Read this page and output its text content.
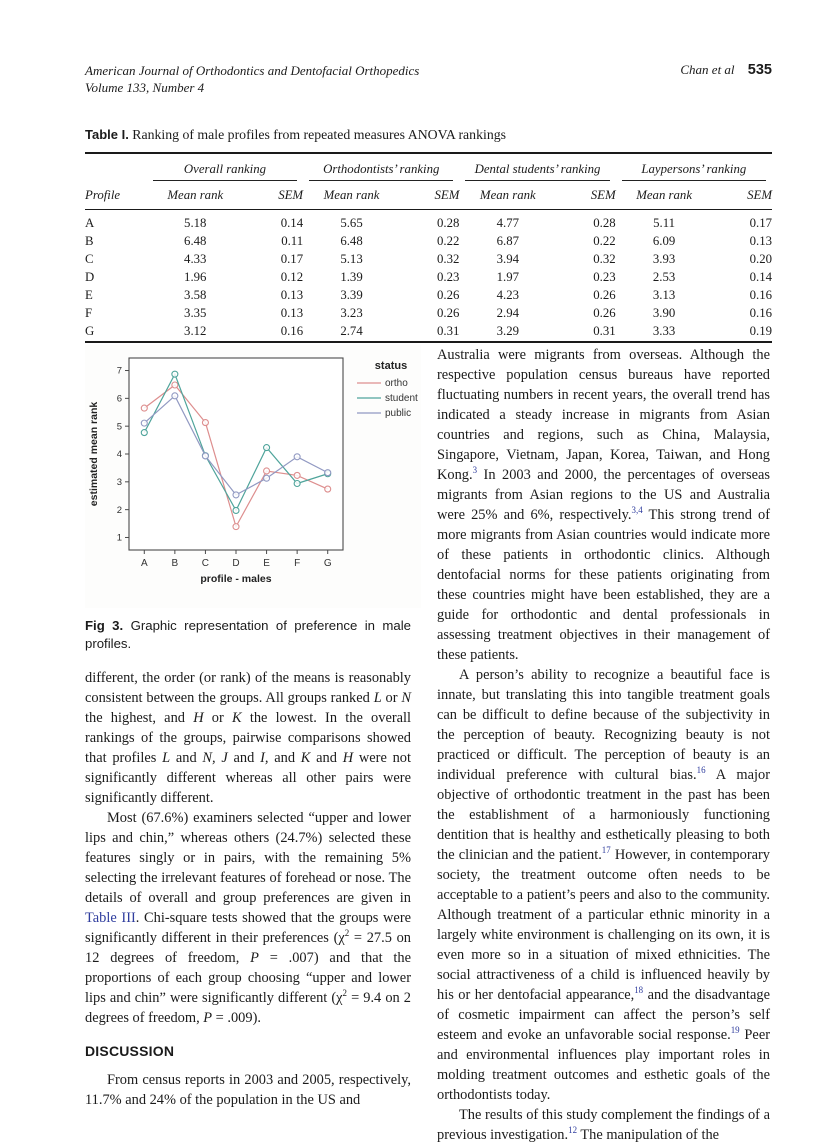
American Journal of Orthodontics and Dentofacial Orthopedics
Volume 133, Number 4
Chan et al 535
Table I. Ranking of male profiles from repeated measures ANOVA rankings

	Overall ranking		Orthodontists’ ranking		Dental students’ ranking		Laypersons’ ranking	

Profile	Mean rank	SEM	Mean rank	SEM	Mean rank	SEM	Mean rank	SEM
A	5.18	0.14	5.65	0.28	4.77	0.28	5.11	0.17
B	6.48	0.11	6.48	0.22	6.87	0.22	6.09	0.13
C	4.33	0.17	5.13	0.32	3.94	0.32	3.93	0.20
D	1.96	0.12	1.39	0.23	1.97	0.23	2.53	0.14
E	3.58	0.13	3.39	0.26	4.23	0.26	3.13	0.16
F	3.35	0.13	3.23	0.26	2.94	0.26	3.90	0.16
G	3.12	0.16	2.74	0.31	3.29	0.31	3.33	0.19
1
2
3
4
5
6
7
A B C D E F G
profile - males
estimated mean rank
status
ortho
student
public
Fig 3. Graphic representation of preference in male profiles.

different, the order (or rank) of the means is reasonably consistent between the groups. All groups ranked L or N the highest, and H or K the lowest. In the overall rankings of the groups, pairwise comparisons showed that profiles L and N, J and I, and K and H were not significantly different whereas all other pairs were significantly different.

Most (67.6%) examiners selected “upper and lower lips and chin,” whereas others (24.7%) selected these features singly or in pairs, with the remaining 5% selecting the irrelevant features of forehead or nose. The details of overall and group preferences are given in Table III. Chi-square tests showed that the groups were significantly different in their preferences ($\chi^2 = 27.5$ on 12 degrees of freedom, P = .007) and that the proportions of each group choosing “upper and lower lips and chin” were significantly different ($\chi^2 = 9.4$ on 2 degrees of freedom, P = .009).

DISCUSSION

From census reports in 2003 and 2005, respectively, 11.7% and 24% of the population in the US and

Australia were migrants from overseas. Although the respective population census bureaus have reported fluctuating numbers in recent years, the overall trend has indicated a steady increase in migrants from Asian countries and regions, such as China, Malaysia, Singapore, Vietnam, Japan, Korea, Taiwan, and Hong Kong.$^3$ In 2003 and 2000, the percentages of overseas migrants from Asian regions to the US and Australia were 25% and 6%, respectively.$^{3,4}$ This strong trend of more migrants from Asian countries would indicate more of these patients in orthodontic clinics. Although dentofacial norms for these patients originating from these countries might have been established, they are a guide for orthodontic and dental professionals in assessing treatment objectives in their management of these patients.

A person’s ability to recognize a beautiful face is innate, but translating this into tangible treatment goals can be difficult to define because of the subjectivity in the perception of beauty. Recognizing beauty is not practiced or difficult. The perception of beauty is an individual preference with cultural bias.$^{16}$ A major objective of orthodontic treatment in the past has been the establishment of a harmoniously functioning dentition that is healthy and esthetically pleasing to both the clinician and the patient.$^{17}$ However, in contemporary society, the treatment outcome often needs to be acceptable to a patient’s peers and also to the community. Although treatment of a particular ethnic minority in a largely white environment is challenging on its own, it is even more so in a situation of mixed ethnicities. The social attractiveness of a child is influenced heavily by his or her dentofacial appearance,$^{18}$ and the disadvantage of cosmetic impairment can affect the person’s self esteem and evoke an unfavorable social response.$^{19}$ Peer and environmental influences play important roles in molding treatment outcomes and esthetic goals of the orthodontists today.

The results of this study complement the findings of a previous investigation.$^{12}$ The manipulation of the
